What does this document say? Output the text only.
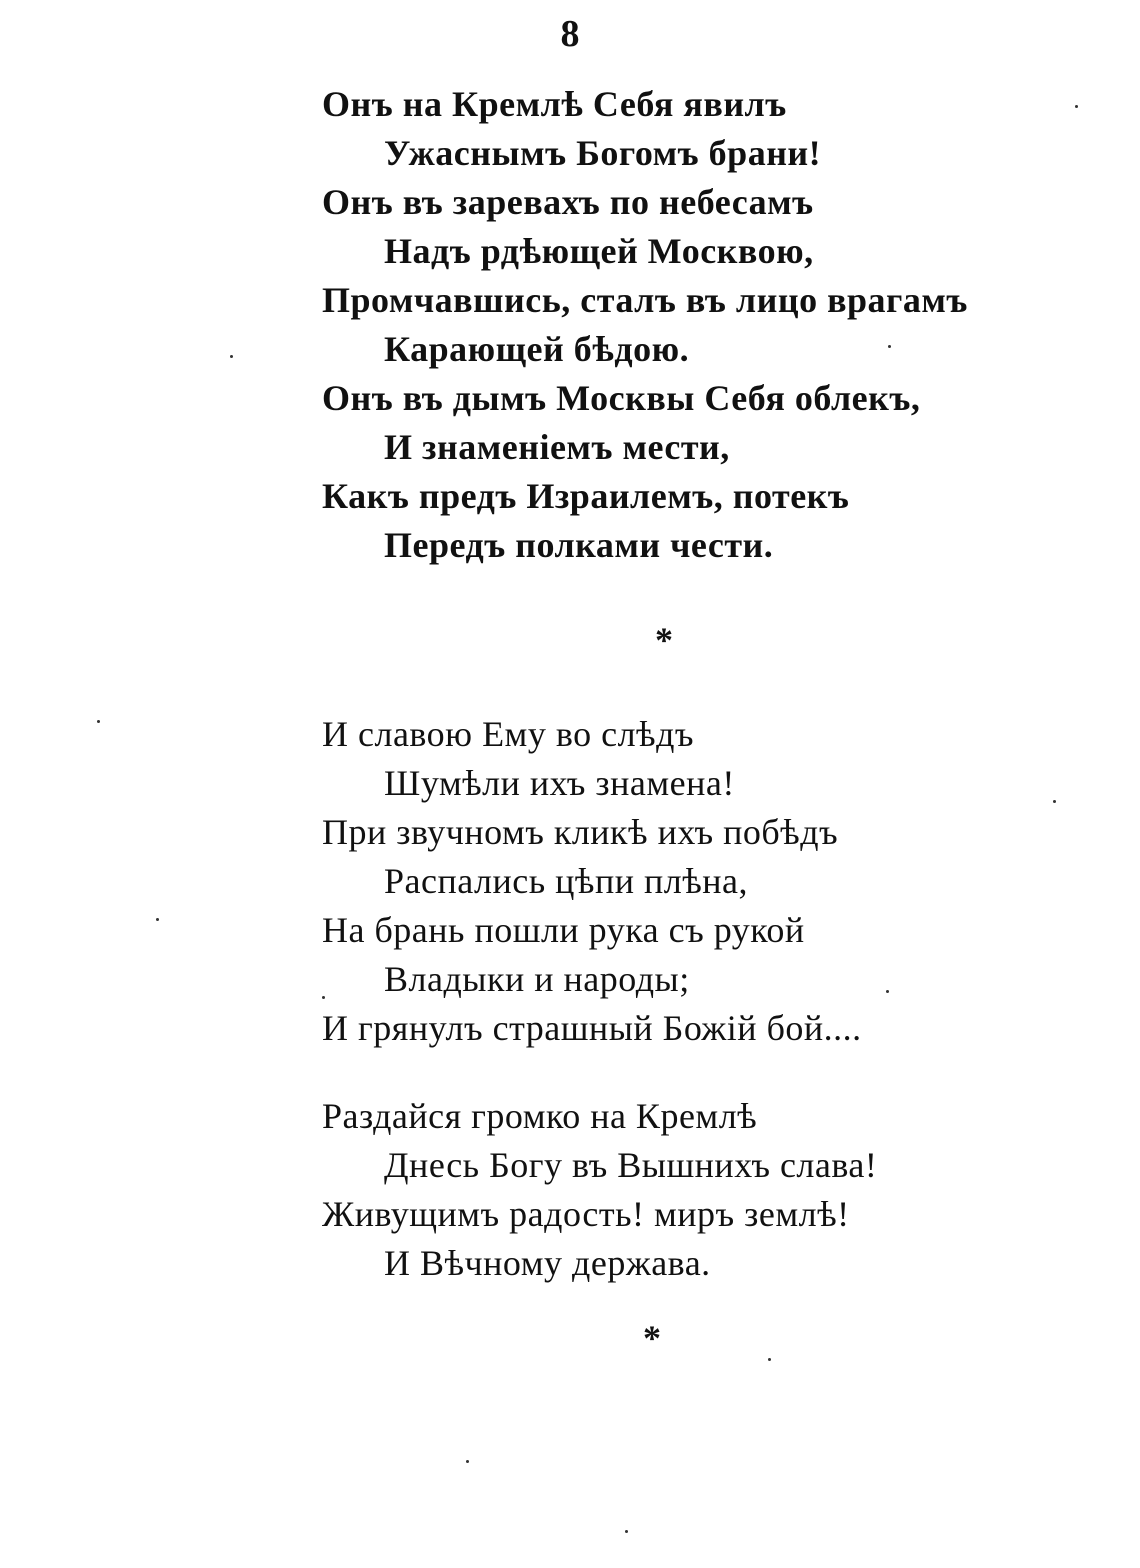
8
Онъ на Кремлѣ Себя явилъ
Ужаснымъ Богомъ брани!
Онъ въ заревахъ по небесамъ
Надъ рдѣющей Москвою,
Промчавшись, сталъ въ лицо врагамъ
Карающей бѣдою.
Онъ въ дымъ Москвы Себя облекъ,
И знаменіемъ мести,
Какъ предъ Израилемъ, потекъ
Передъ полками чести.
*
И славою Ему во слѣдъ
Шумѣли ихъ знамена!
При звучномъ кликѣ ихъ побѣдъ
Распались цѣпи плѣна,
На брань пошли рука съ рукой
Владыки и народы;
И грянулъ страшный Божій бой....
Раздайся громко на Кремлѣ
Днесь Богу въ Вышнихъ слава!
Живущимъ радость! миръ землѣ!
И Вѣчному держава.
*
